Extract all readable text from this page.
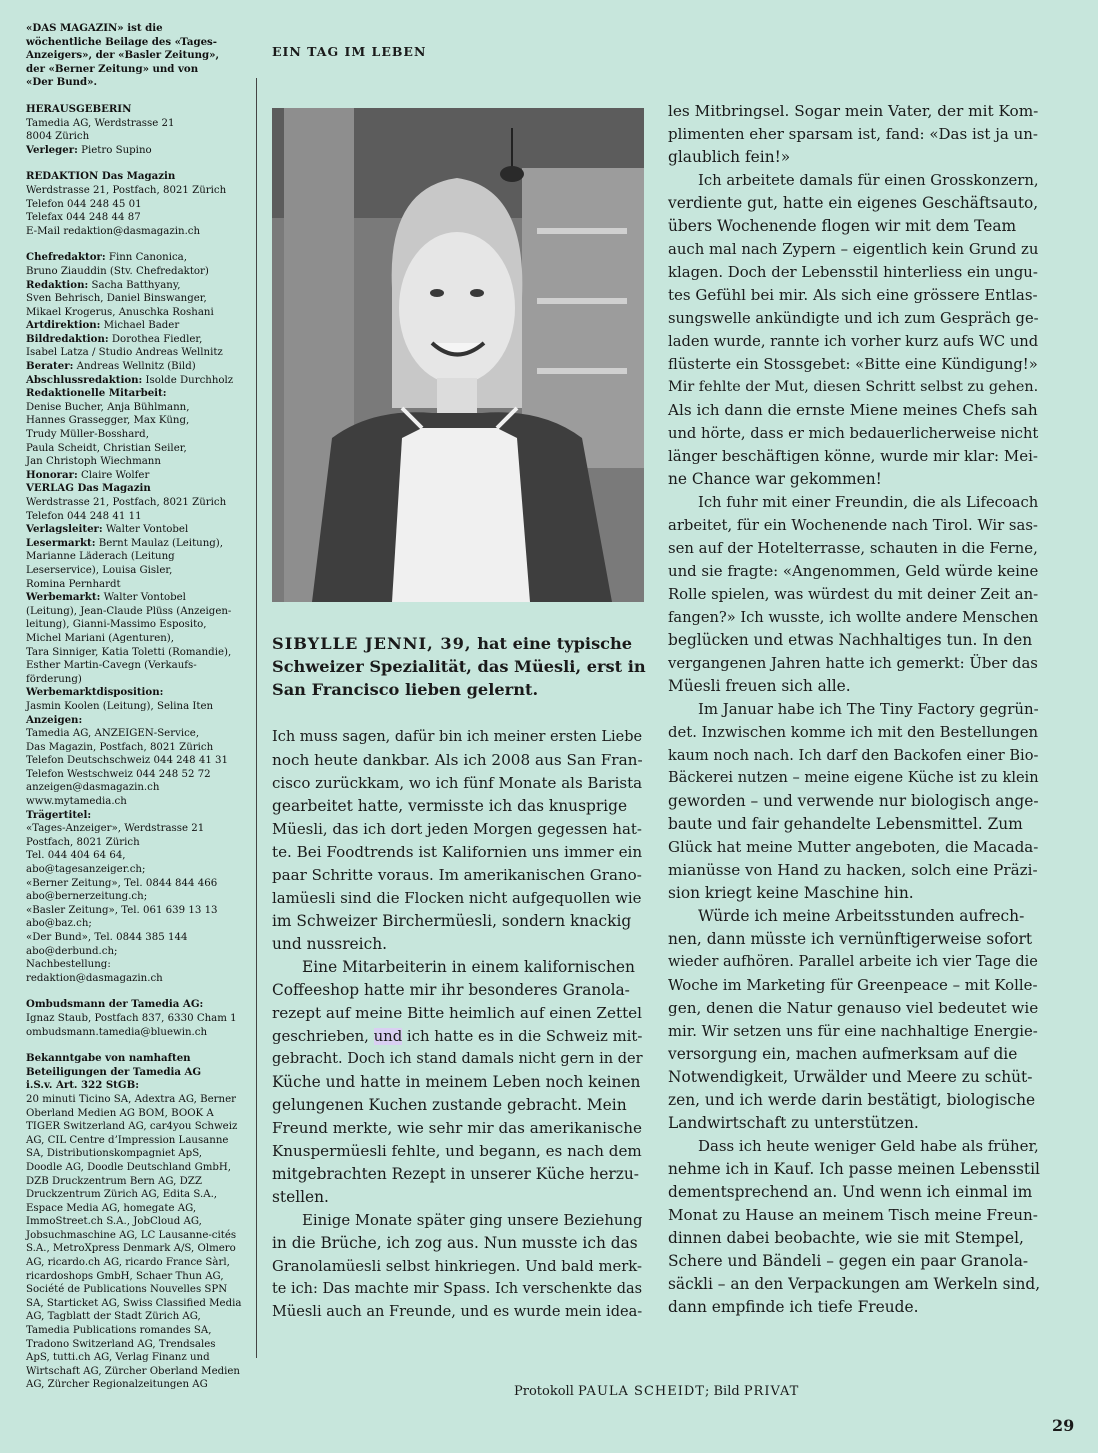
«DAS MAGAZIN» ist die
wöchentliche Beilage des «Tages-
Anzeigers», der «Basler Zeitung»,
der «Berner Zeitung» und von
«Der Bund».
HERAUSGEBERIN
Tamedia AG, Werdstrasse 21
8004 Zürich
Verleger: Pietro Supino
REDAKTION Das Magazin
Werdstrasse 21, Postfach, 8021 Zürich
Telefon 044 248 45 01
Telefax 044 248 44 87
E-Mail redaktion@dasmagazin.ch
Chefredaktor: Finn Canonica,
Bruno Ziauddin (Stv. Chefredaktor)
Redaktion: Sacha Batthyany,
Sven Behrisch, Daniel Binswanger,
Mikael Krogerus, Anuschka Roshani
Artdirektion: Michael Bader
Bildredaktion: Dorothea Fiedler,
Isabel Latza / Studio Andreas Wellnitz
Berater: Andreas Wellnitz (Bild)
Abschlussredaktion: Isolde Durchholz
Redaktionelle Mitarbeit:
Denise Bucher, Anja Bühlmann,
Hannes Grassegger, Max Küng,
Trudy Müller-Bosshard,
Paula Scheidt, Christian Seiler,
Jan Christoph Wiechmann
Honorar: Claire Wolfer
VERLAG Das Magazin
Werdstrasse 21, Postfach, 8021 Zürich
Telefon 044 248 41 11
Verlagsleiter: Walter Vontobel
Lesermarkt: Bernt Maulaz (Leitung),
Marianne Läderach (Leitung
Leserservice), Louisa Gisler,
Romina Pernhardt
Werbemarkt: Walter Vontobel
(Leitung), Jean-Claude Plüss (Anzeigen-
leitung), Gianni-Massimo Esposito,
Michel Mariani (Agenturen),
Tara Sinniger, Katia Toletti (Romandie),
Esther Martin-Cavegn (Verkaufs-
förderung)
Werbemarktdisposition:
Jasmin Koolen (Leitung), Selina Iten
Anzeigen:
Tamedia AG, ANZEIGEN-Service,
Das Magazin, Postfach, 8021 Zürich
Telefon Deutschschweiz 044 248 41 31
Telefon Westschweiz 044 248 52 72
anzeigen@dasmagazin.ch
www.mytamedia.ch
Trägertitel:
«Tages-Anzeiger», Werdstrasse 21
Postfach, 8021 Zürich
Tel. 044 404 64 64,
abo@tagesanzeiger.ch;
«Berner Zeitung», Tel. 0844 844 466
abo@bernerzeitung.ch;
«Basler Zeitung», Tel. 061 639 13 13
abo@baz.ch;
«Der Bund», Tel. 0844 385 144
abo@derbund.ch;
Nachbestellung:
redaktion@dasmagazin.ch
Ombudsmann der Tamedia AG:
Ignaz Staub, Postfach 837, 6330 Cham 1
ombudsmann.tamedia@bluewin.ch
Bekanntgabe von namhaften
Beteiligungen der Tamedia AG
i.S.v. Art. 322 StGB:
20 minuti Ticino SA, Adextra AG, Berner
Oberland Medien AG BOM, BOOK A
TIGER Switzerland AG, car4you Schweiz
AG, CIL Centre d’Impression Lausanne
SA, Distributionskompagniet ApS,
Doodle AG, Doodle Deutschland GmbH,
DZB Druckzentrum Bern AG, DZZ
Druckzentrum Zürich AG, Edita S.A.,
Espace Media AG, homegate AG,
ImmoStreet.ch S.A., JobCloud AG,
Jobsuchmaschine AG, LC Lausanne-cités
S.A., MetroXpress Denmark A/S, Olmero
AG, ricardo.ch AG, ricardo France Sàrl,
ricardoshops GmbH, Schaer Thun AG,
Société de Publications Nouvelles SPN
SA, Starticket AG, Swiss Classified Media
AG, Tagblatt der Stadt Zürich AG,
Tamedia Publications romandes SA,
Tradono Switzerland AG, Trendsales
ApS, tutti.ch AG, Verlag Finanz und
Wirtschaft AG, Zürcher Oberland Medien
AG, Zürcher Regionalzeitungen AG
EIN TAG IM LEBEN
SIBYLLE JENNI, 39, hat eine typische
Schweizer Spezialität, das Müesli, erst in
San Francisco lieben gelernt.

Ich muss sagen, dafür bin ich meiner ersten Liebe
noch heute dankbar. Als ich 2008 aus San Fran-
cisco zurückkam, wo ich fünf Monate als Barista
gearbeitet hatte, vermisste ich das knusprige
Müesli, das ich dort jeden Morgen gegessen hat-
te. Bei Foodtrends ist Kalifornien uns immer ein
paar Schritte voraus. Im amerikanischen Grano-
lamüesli sind die Flocken nicht aufgequollen wie
im Schweizer Birchermüesli, sondern knackig
und nussreich.

Eine Mitarbeiterin in einem kalifornischen
Coffeeshop hatte mir ihr besonderes Granola-
rezept auf meine Bitte heimlich auf einen Zettel
geschrieben, und ich hatte es in die Schweiz mit-
gebracht. Doch ich stand damals nicht gern in der
Küche und hatte in meinem Leben noch keinen
gelungenen Kuchen zustande gebracht. Mein
Freund merkte, wie sehr mir das amerikanische
Knuspermüesli fehlte, und begann, es nach dem
mitgebrachten Rezept in unserer Küche herzu-
stellen.

Einige Monate später ging unsere Beziehung
in die Brüche, ich zog aus. Nun musste ich das
Granolamüesli selbst hinkriegen. Und bald merk-
te ich: Das machte mir Spass. Ich verschenkte das
Müesli auch an Freunde, und es wurde mein idea-

les Mitbringsel. Sogar mein Vater, der mit Kom-
plimenten eher sparsam ist, fand: «Das ist ja un-
glaublich fein!»

Ich arbeitete damals für einen Grosskonzern,
verdiente gut, hatte ein eigenes Geschäftsauto,
übers Wochenende flogen wir mit dem Team
auch mal nach Zypern – eigentlich kein Grund zu
klagen. Doch der Lebensstil hinterliess ein ungu-
tes Gefühl bei mir. Als sich eine grössere Entlas-
sungswelle ankündigte und ich zum Gespräch ge-
laden wurde, rannte ich vorher kurz aufs WC und
flüsterte ein Stossgebet: «Bitte eine Kündigung!»
Mir fehlte der Mut, diesen Schritt selbst zu gehen.
Als ich dann die ernste Miene meines Chefs sah
und hörte, dass er mich bedauerlicherweise nicht
länger beschäftigen könne, wurde mir klar: Mei-
ne Chance war gekommen!

Ich fuhr mit einer Freundin, die als Lifecoach
arbeitet, für ein Wochenende nach Tirol. Wir sas-
sen auf der Hotelterrasse, schauten in die Ferne,
und sie fragte: «Angenommen, Geld würde keine
Rolle spielen, was würdest du mit deiner Zeit an-
fangen?» Ich wusste, ich wollte andere Menschen
beglücken und etwas Nachhaltiges tun. In den
vergangenen Jahren hatte ich gemerkt: Über das
Müesli freuen sich alle.

Im Januar habe ich The Tiny Factory gegrün-
det. Inzwischen komme ich mit den Bestellungen
kaum noch nach. Ich darf den Backofen einer Bio-
Bäckerei nutzen – meine eigene Küche ist zu klein
geworden – und verwende nur biologisch ange-
baute und fair gehandelte Lebensmittel. Zum
Glück hat meine Mutter angeboten, die Macada-
mianüsse von Hand zu hacken, solch eine Präzi-
sion kriegt keine Maschine hin.

Würde ich meine Arbeitsstunden aufrech-
nen, dann müsste ich vernünftigerweise sofort
wieder aufhören. Parallel arbeite ich vier Tage die
Woche im Marketing für Greenpeace – mit Kolle-
gen, denen die Natur genauso viel bedeutet wie
mir. Wir setzen uns für eine nachhaltige Energie-
versorgung ein, machen aufmerksam auf die
Notwendigkeit, Urwälder und Meere zu schüt-
zen, und ich werde darin bestätigt, biologische
Landwirtschaft zu unterstützen.

Dass ich heute weniger Geld habe als früher,
nehme ich in Kauf. Ich passe meinen Lebensstil
dementsprechend an. Und wenn ich einmal im
Monat zu Hause an meinem Tisch meine Freun-
dinnen dabei beobachte, wie sie mit Stempel,
Schere und Bändeli – gegen ein paar Granola-
säckli – an den Verpackungen am Werkeln sind,
dann empfinde ich tiefe Freude.

Protokoll PAULA SCHEIDT; Bild PRIVAT
29
